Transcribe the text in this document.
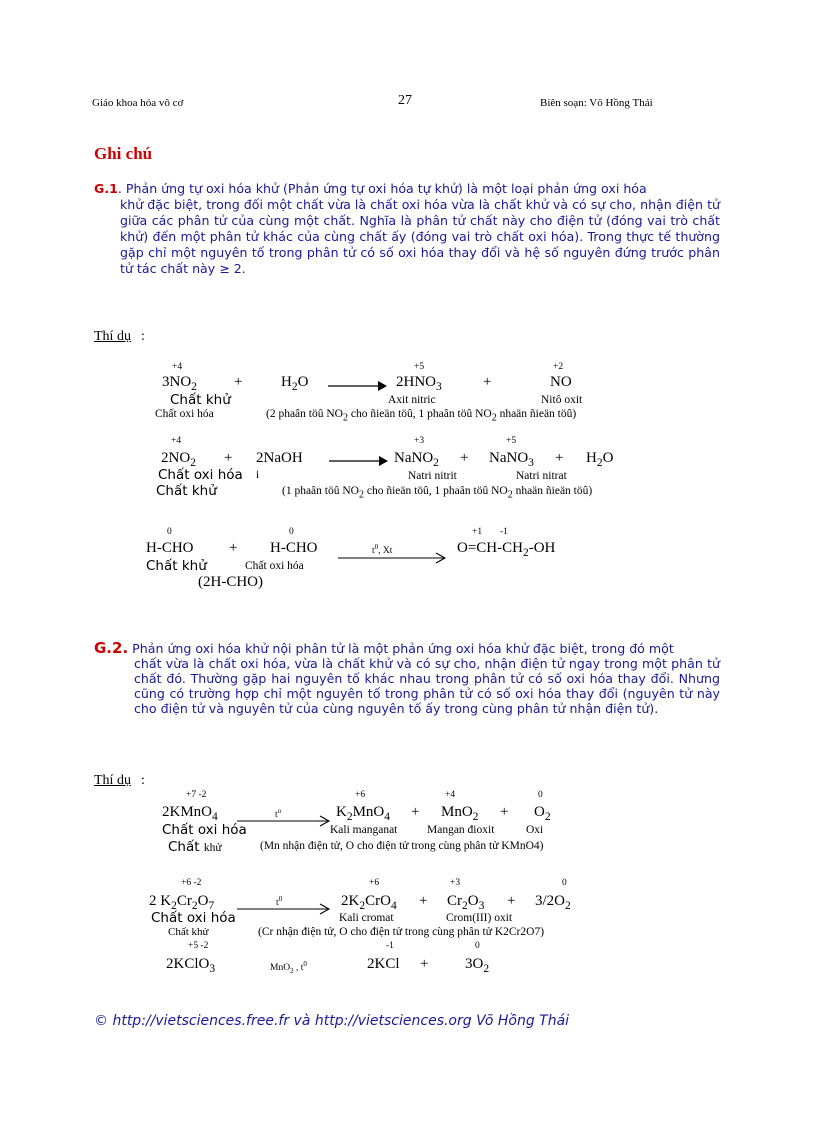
Giáo khoa hóa vô cơ	27	Biên soạn: Võ Hồng Thái
Ghi chú
G.1. Phản ứng tự oxi hóa khử (Phản ứng tự oxi hóa tự khử) là một loại phản ứng oxi hóa
khử đặc biệt, trong đối một chất vừa là chất oxi hóa vừa là chất khử và có sự cho, nhận điện tử giữa các phân tử của cùng một chất. Nghĩa là phân tử chất này cho điện tử (đóng vai trò chất khử) đến một phân tử khác của cùng chất ấy (đóng vai trò chất oxi hóa). Trong thực tế thường gặp chỉ một nguyên tố trong phân tử có số oxi hóa thay đổi và hệ số nguyên đứng trước phân tử tác chất này ≥ 2.
Thí dụ :
+4	+5	+2
$3NO_2$ +	$H_2O$	$2HNO_3$	+	NO
Chất khử	Axit nitric	Nitô oxit
Chất oxi hóa	(2 phaân töû $NO_2$ cho ñieän töû, 1 phaân töû $NO_2$ nhaän ñieän töû)
+4	+3	+5
$2NO_2$ + 2NaOH	NaNO$_2$ + NaNO$_3$ + $H_2O$
Chất oxi hóa i	Natri nitrit	Natri nitrat
Chất khử	(1 phaân töû $NO_2$ cho ñieän töû, 1 phaân töû $NO_2$ nhaän ñieän töû)
0	0	+1 -1
H-CHO + H-CHO	$t^0$, Xt	$O=CH-CH_2-OH$
Chất khử	Chất oxi hóa
(2H-CHO)
G.2. Phản ứng oxi hóa khử nội phân tử là một phản ứng oxi hóa khử đặc biệt, trong đó một
chất vừa là chất oxi hóa, vừa là chất khử và có sự cho, nhận điện tử ngay trong một phân tử chất đó. Thường gặp hai nguyên tố khác nhau trong phân tử có số oxi hóa thay đổi. Nhưng cũng có trường hợp chỉ một nguyên tố trong phân tử có số oxi hóa thay đổi (nguyên tử này cho điện tử và nguyên tử của cùng nguyên tố ấy trong cùng phân tử nhận điện tử).
Thí dụ :
+7 -2	+6	+4	0
2KMnO$_4$	$t^o$	$K_2MnO_4 + MnO_2 + O_2$
Chất oxi hóa	Kali manganat	Mangan đioxit	Oxi
Chất khử	(Mn nhận điện tử, O cho điện tử trong cùng phân tử KMnO4)
+6 -2	+6	+3	0
2 $K_2Cr_2O_7$	$t^0$	$2K_2CrO_4 + Cr_2O_3 + 3/2O_2$
Chất oxi hóa	Kali cromat	Crom(III) oxit
Chất khử	(Cr nhận điện tử, O cho điện tử trong cùng phân tử K2Cr2O7)
+5 -2	-1	0
2KClO$_3$	MnO$_2$ , $t^0$	$2KCl + 3O_2$
© http://vietsciences.free.fr và http://vietsciences.org Võ Hồng Thái
